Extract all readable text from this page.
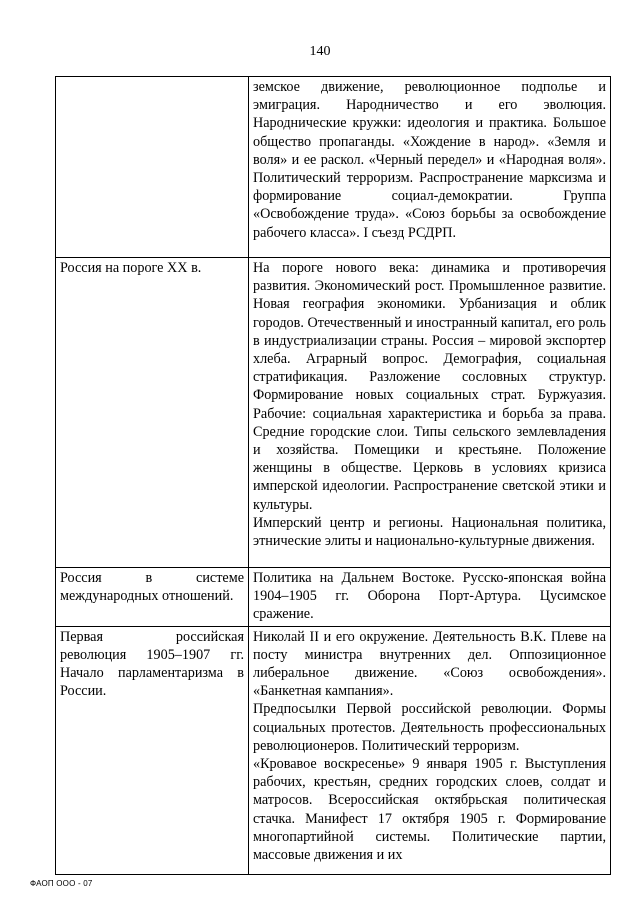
140

	земское движение, революционное подполье и эмиграция. Народничество и его эволюция. Народнические кружки: идеология и практика. Большое общество пропаганды. «Хождение в народ». «Земля и воля» и ее раскол. «Черный передел» и «Народная воля». Политический терроризм. Распространение марксизма и формирование социал-демократии. Группа «Освобождение труда». «Союз борьбы за освобождение рабочего класса». I съезд РСДРП.

Россия на пороге XX в.	На пороге нового века: динамика и противоречия развития. Экономический рост. Промышленное развитие. Новая география экономики. Урбанизация и облик городов. Отечественный и иностранный капитал, его роль в индустриализации страны. Россия – мировой экспортер хлеба. Аграрный вопрос. Демография, социальная стратификация. Разложение сословных структур. Формирование новых социальных страт. Буржуазия. Рабочие: социальная характеристика и борьба за права. Средние городские слои. Типы сельского землевладения и хозяйства. Помещики и крестьяне. Положение женщины в обществе. Церковь в условиях кризиса имперской идеологии. Распространение светской этики и культуры.

Имперский центр и регионы. Национальная политика, этнические элиты и национально-культурные движения.

Россия в системе международных отношений.	Политика на Дальнем Востоке. Русско-японская война 1904–1905 гг. Оборона Порт-Артура. Цусимское сражение.

Первая российская революция 1905–1907 гг. Начало парламентаризма в России.	Николай II и его окружение. Деятельность В.К. Плеве на посту министра внутренних дел. Оппозиционное либеральное движение. «Союз освобождения». «Банкетная кампания».

Предпосылки Первой российской революции. Формы социальных протестов. Деятельность профессиональных революционеров. Политический терроризм.

«Кровавое воскресенье» 9 января 1905 г. Выступления рабочих, крестьян, средних городских слоев, солдат и матросов. Всероссийская октябрьская политическая стачка. Манифест 17 октября 1905 г. Формирование многопартийной системы. Политические партии, массовые движения и их

ФАОП ООО - 07
